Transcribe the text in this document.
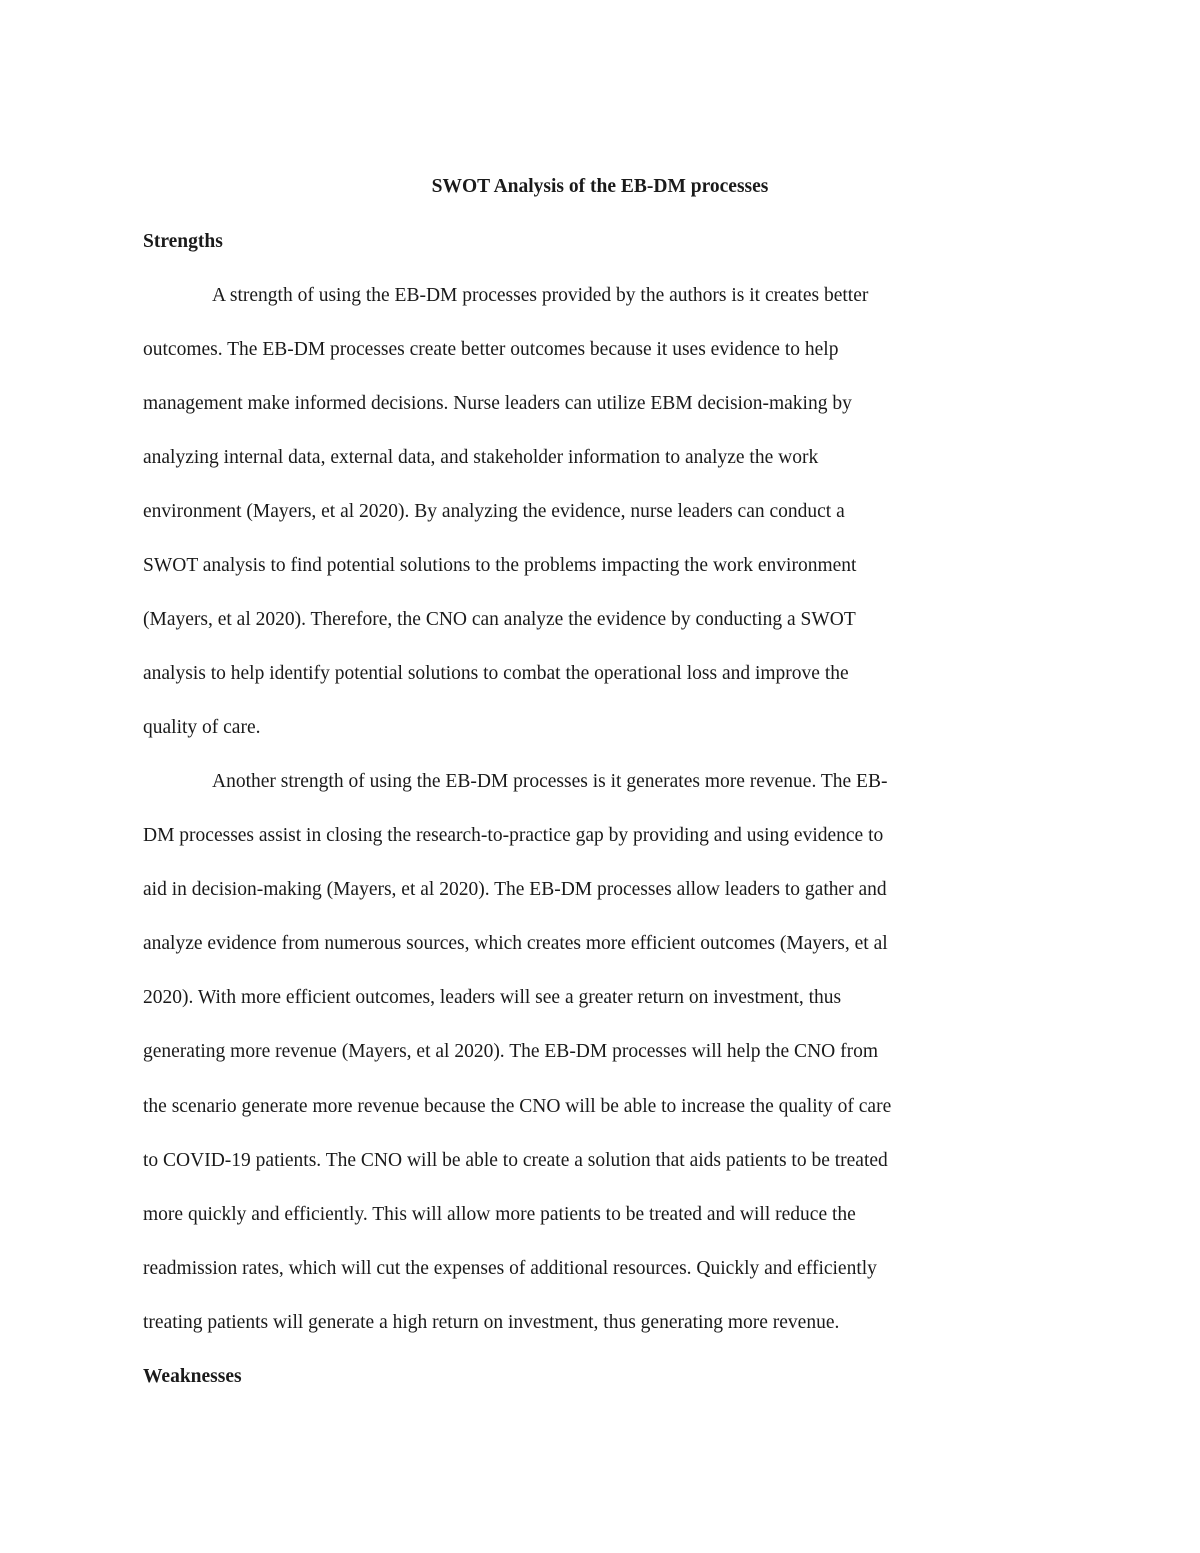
SWOT Analysis of the EB-DM processes
Strengths

A strength of using the EB-DM processes provided by the authors is it creates better

outcomes. The EB-DM processes create better outcomes because it uses evidence to help

management make informed decisions. Nurse leaders can utilize EBM decision-making by

analyzing internal data, external data, and stakeholder information to analyze the work

environment (Mayers, et al 2020). By analyzing the evidence, nurse leaders can conduct a

SWOT analysis to find potential solutions to the problems impacting the work environment

(Mayers, et al 2020). Therefore, the CNO can analyze the evidence by conducting a SWOT

analysis to help identify potential solutions to combat the operational loss and improve the

quality of care.

Another strength of using the EB-DM processes is it generates more revenue. The EB-

DM processes assist in closing the research-to-practice gap by providing and using evidence to

aid in decision-making (Mayers, et al 2020). The EB-DM processes allow leaders to gather and

analyze evidence from numerous sources, which creates more efficient outcomes (Mayers, et al

2020). With more efficient outcomes, leaders will see a greater return on investment, thus

generating more revenue (Mayers, et al 2020). The EB-DM processes will help the CNO from

the scenario generate more revenue because the CNO will be able to increase the quality of care

to COVID-19 patients. The CNO will be able to create a solution that aids patients to be treated

more quickly and efficiently. This will allow more patients to be treated and will reduce the

readmission rates, which will cut the expenses of additional resources. Quickly and efficiently

treating patients will generate a high return on investment, thus generating more revenue.

Weaknesses
